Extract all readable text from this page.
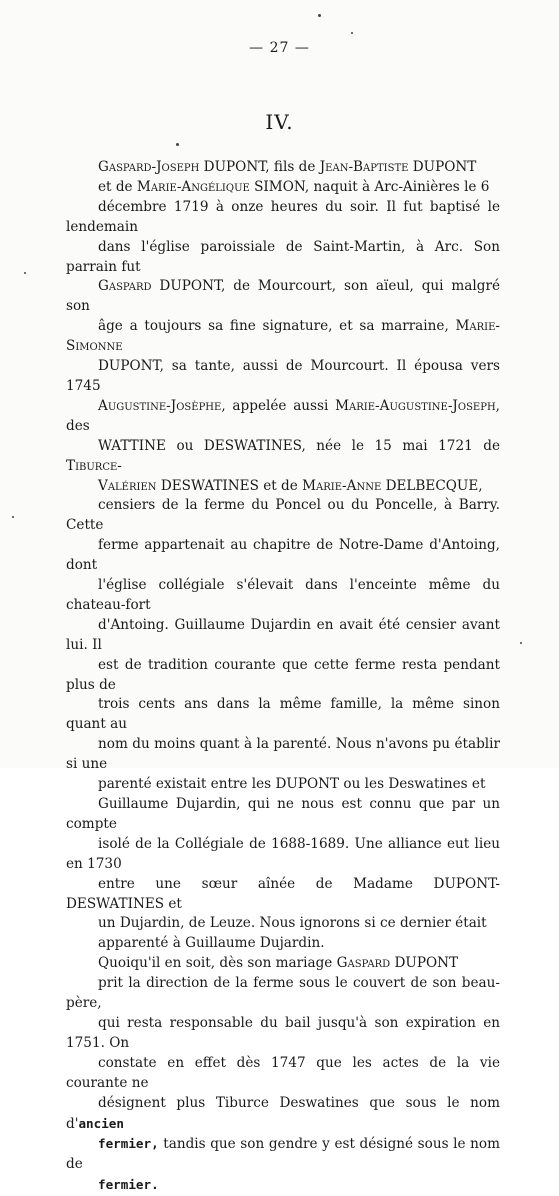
— 27 —
IV.

Gaspard-Joseph DUPONT, fils de Jean-Baptiste DUPONT
et de Marie-Angélique SIMON, naquit à Arc-Ainières le 6
décembre 1719 à onze heures du soir. Il fut baptisé le lendemain
dans l'église paroissiale de Saint-Martin, à Arc. Son parrain fut
Gaspard DUPONT, de Mourcourt, son aïeul, qui malgré son
âge a toujours sa fine signature, et sa marraine, Marie-Simonne
DUPONT, sa tante, aussi de Mourcourt. Il épousa vers 1745
Augustine-Josèphe, appelée aussi Marie-Augustine-Joseph, des
WATTINE ou DESWATINES, née le 15 mai 1721 de Tiburce-
Valérien DESWATINES et de Marie-Anne DELBECQUE,
censiers de la ferme du Poncel ou du Poncelle, à Barry. Cette
ferme appartenait au chapitre de Notre-Dame d'Antoing, dont
l'église collégiale s'élevait dans l'enceinte même du chateau-fort
d'Antoing. Guillaume Dujardin en avait été censier avant lui. Il
est de tradition courante que cette ferme resta pendant plus de
trois cents ans dans la même famille, la même sinon quant au
nom du moins quant à la parenté. Nous n'avons pu établir si une
parenté existait entre les DUPONT ou les Deswatines et
Guillaume Dujardin, qui ne nous est connu que par un compte
isolé de la Collégiale de 1688-1689. Une alliance eut lieu en 1730
entre une sœur aînée de Madame DUPONT-DESWATINES et
un Dujardin, de Leuze. Nous ignorons si ce dernier était
apparenté à Guillaume Dujardin.

Quoiqu'il en soit, dès son mariage Gaspard DUPONT
prit la direction de la ferme sous le couvert de son beau-père,
qui resta responsable du bail jusqu'à son expiration en 1751. On
constate en effet dès 1747 que les actes de la vie courante ne
désignent plus Tiburce Deswatines que sous le nom d'ancien
fermier, tandis que son gendre y est désigné sous le nom de
fermier.
